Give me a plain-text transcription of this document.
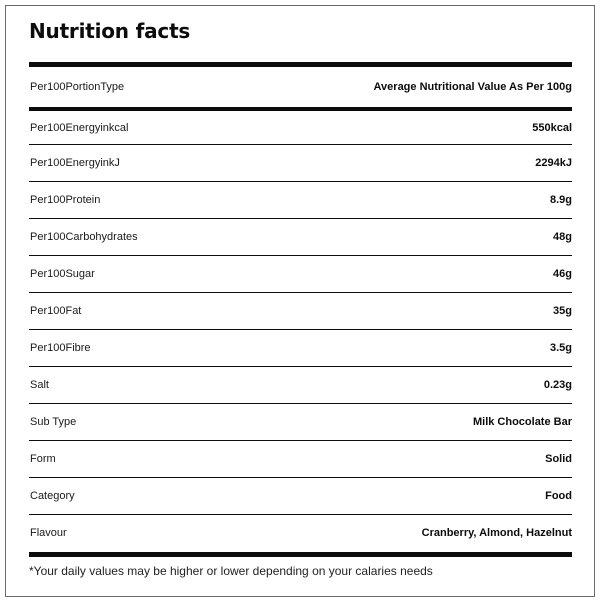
Nutrition facts
Per100PortionType	Average Nutritional Value As Per 100g
Per100Energyinkcal	550kcal
Per100EnergyinkJ	2294kJ
Per100Protein	8.9g
Per100Carbohydrates	48g
Per100Sugar	46g
Per100Fat	35g
Per100Fibre	3.5g
Salt	0.23g
Sub Type	Milk Chocolate Bar
Form	Solid
Category	Food
Flavour	Cranberry, Almond, Hazelnut

*Your daily values may be higher or lower depending on your calaries needs
